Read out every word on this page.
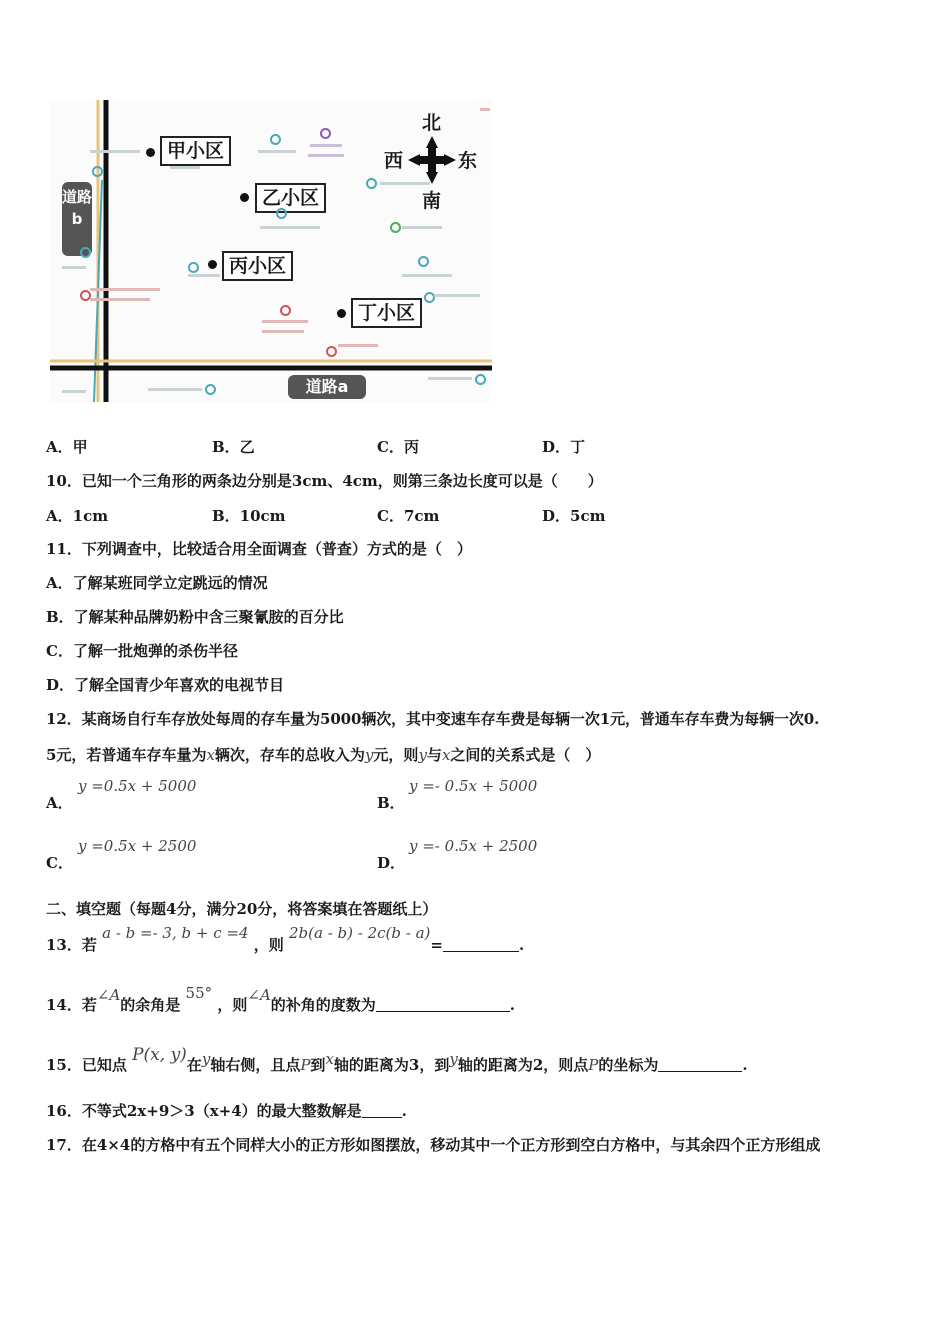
道路b
道路a
甲小区
乙小区
丙小区
丁小区
北
南
西	东
A．甲	B．乙	C．丙	D．丁
10．已知一个三角形的两条边分别是3cm、4cm，则第三条边长度可以是（　　）
A．1cm	B．10cm	C．7cm	D．5cm
11．下列调查中，比较适合用全面调查（普查）方式的是（　）
A．了解某班同学立定跳远的情况
B．了解某种品牌奶粉中含三聚氰胺的百分比
C．了解一批炮弹的杀伤半径
D．了解全国青少年喜欢的电视节目
12．某商场自行车存放处每周的存车量为5000辆次，其中变速车存车费是每辆一次1元，普通车存车费为每辆一次0.
5元，若普通车存车量为x辆次，存车的总收入为y元，则y与x之间的关系式是（　）
A．
y =0.5x + 5000
B．
y =- 0.5x + 5000
C．
y =0.5x + 2500
D．
y =- 0.5x + 2500
二、填空题（每题4分，满分20分，将答案填在答题纸上）
13．若 a - b =- 3, b + c =4 ，则 2b(a - b) - 2c(b - a)=	.
14．若∠A的余角是 55° ，则∠A的补角的度数为	.
15．已知点 P(x, y)在y轴右侧，且点P到x轴的距离为3，到y轴的距离为2，则点P的坐标为	.
16．不等式2x+9＞3（x+4）的最大整数解是	.
17．在4×4的方格中有五个同样大小的正方形如图摆放，移动其中一个正方形到空白方格中，与其余四个正方形组成
